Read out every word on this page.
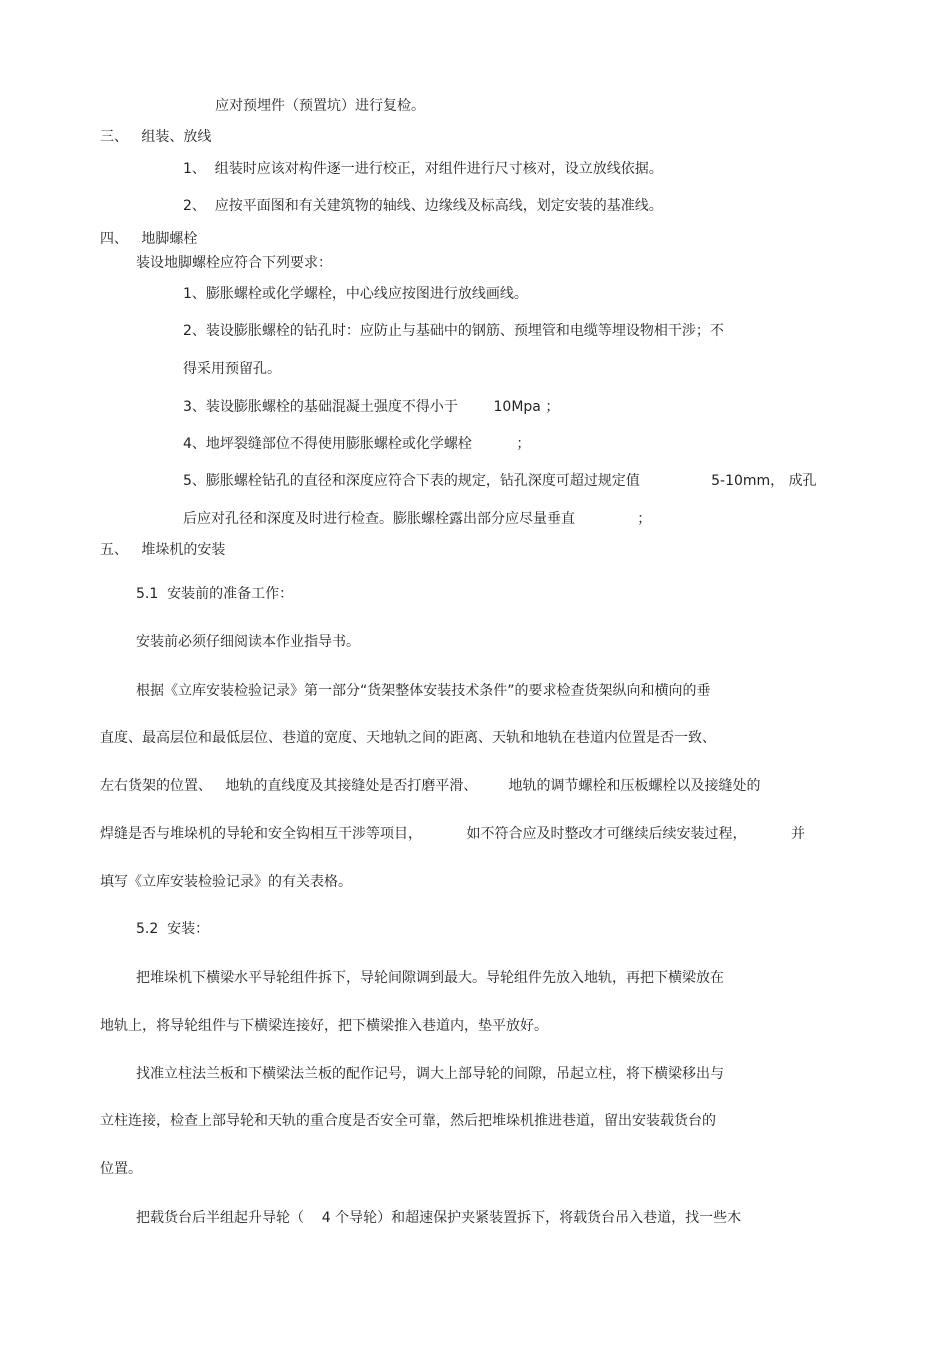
应对预埋件（预置坑）进行复检。
三、   组装、放线
1、  组装时应该对构件逐一进行校正，对组件进行尺寸核对，设立放线依据。
2、  应按平面图和有关建筑物的轴线、边缘线及标高线，划定安装的基准线。
四、   地脚螺栓
装设地脚螺栓应符合下列要求：
1、膨胀螺栓或化学螺栓，中心线应按图进行放线画线。
2、装设膨胀螺栓的钻孔时：应防止与基础中的钢筋、预埋管和电缆等埋设物相干涉；不
得采用预留孔。
3、装设膨胀螺栓的基础混凝土强度不得小于        10Mpa ；
4、地坪裂缝部位不得使用膨胀螺栓或化学螺栓          ；
5、膨胀螺栓钻孔的直径和深度应符合下表的规定，钻孔深度可超过规定值                5-10mm， 成孔
后应对孔径和深度及时进行检查。膨胀螺栓露出部分应尽量垂直              ；
五、   堆垛机的安装
5.1  安装前的准备工作：
安装前必须仔细阅读本作业指导书。
根据《立库安装检验记录》第一部分“货架整体安装技术条件”的要求检查货架纵向和横向的垂
直度、最高层位和最低层位、巷道的宽度、天地轨之间的距离、天轨和地轨在巷道内位置是否一致、
左右货架的位置、   地轨的直线度及其接缝处是否打磨平滑、       地轨的调节螺栓和压板螺栓以及接缝处的
焊缝是否与堆垛机的导轮和安全钩相互干涉等项目，          如不符合应及时整改才可继续后续安装过程，          并
填写《立库安装检验记录》的有关表格。
5.2  安装：
把堆垛机下横梁水平导轮组件拆下，导轮间隙调到最大。导轮组件先放入地轨，再把下横梁放在
地轨上，将导轮组件与下横梁连接好，把下横梁推入巷道内，垫平放好。
找准立柱法兰板和下横梁法兰板的配作记号，调大上部导轮的间隙，吊起立柱，将下横梁移出与
立柱连接，检查上部导轮和天轨的重合度是否安全可靠，然后把堆垛机推进巷道，留出安装载货台的
位置。
把载货台后半组起升导轮（    4 个导轮）和超速保护夹紧装置拆下，将载货台吊入巷道，找一些木
